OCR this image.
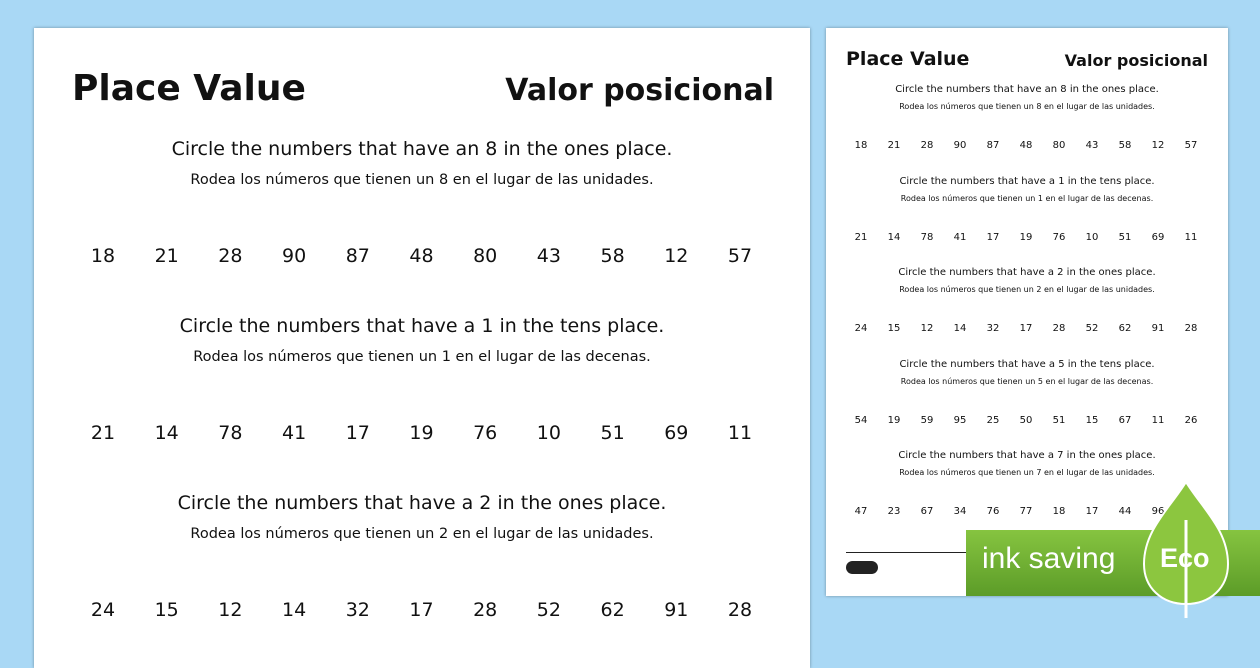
Place Value	Valor posicional
Circle the numbers that have an 8 in the ones place.
Rodea los números que tienen un 8 en el lugar de las unidades.
18 21 28 90 87 48 80 43 58 12 57
Circle the numbers that have a 1 in the tens place.
Rodea los números que tienen un 1 en el lugar de las decenas.
21 14 78 41 17 19 76 10 51 69 11
Circle the numbers that have a 2 in the ones place.
Rodea los números que tienen un 2 en el lugar de las unidades.
24 15 12 14 32 17 28 52 62 91 28
Place Value	Valor posicional
Circle the numbers that have an 8 in the ones place.
Rodea los números que tienen un 8 en el lugar de las unidades.
18 21 28 90 87 48 80 43 58 12 57
Circle the numbers that have a 1 in the tens place.
Rodea los números que tienen un 1 en el lugar de las decenas.
21 14 78 41 17 19 76 10 51 69 11
Circle the numbers that have a 2 in the ones place.
Rodea los números que tienen un 2 en el lugar de las unidades.
24 15 12 14 32 17 28 52 62 91 28
Circle the numbers that have a 5 in the tens place.
Rodea los números que tienen un 5 en el lugar de las decenas.
54 19 59 95 25 50 51 15 67 11 26
Circle the numbers that have a 7 in the ones place.
Rodea los números que tienen un 7 en el lugar de las unidades.
47 23 67 34 76 77 18 17 44 96
ink saving Eco
